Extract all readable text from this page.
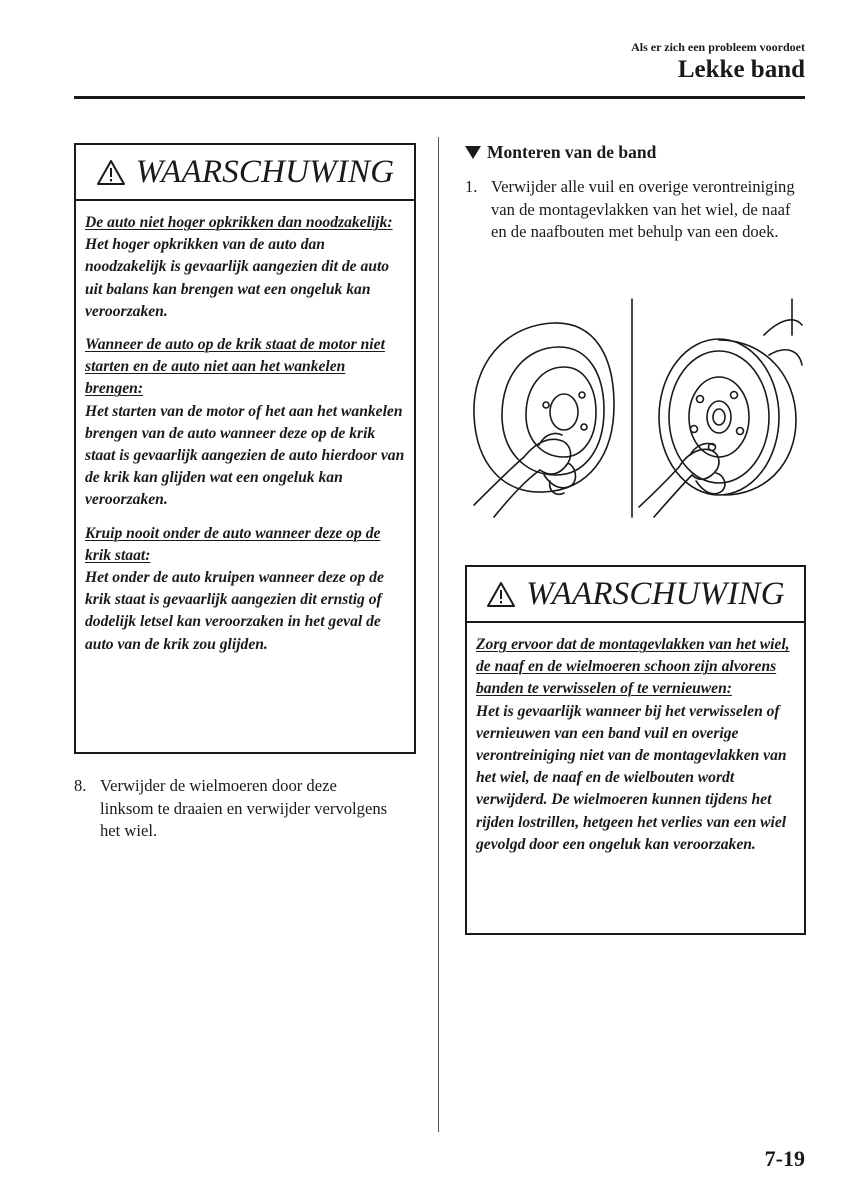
Als er zich een probleem voordoet
Lekke band
WAARSCHUWING
De auto niet hoger opkrikken dan noodzakelijk:
Het hoger opkrikken van de auto dan noodzakelijk is gevaarlijk aangezien dit de auto uit balans kan brengen wat een ongeluk kan veroorzaken.
Wanneer de auto op de krik staat de motor niet starten en de auto niet aan het wankelen brengen:
Het starten van de motor of het aan het wankelen brengen van de auto wanneer deze op de krik staat is gevaarlijk aangezien de auto hierdoor van de krik kan glijden wat een ongeluk kan veroorzaken.
Kruip nooit onder de auto wanneer deze op de krik staat:
Het onder de auto kruipen wanneer deze op de krik staat is gevaarlijk aangezien dit ernstig of dodelijk letsel kan veroorzaken in het geval de auto van de krik zou glijden.
8. Verwijder de wielmoeren door deze linksom te draaien en verwijder vervolgens het wiel.
Monteren van de band
1. Verwijder alle vuil en overige verontreiniging van de montagevlakken van het wiel, de naaf en de naafbouten met behulp van een doek.
WAARSCHUWING
Zorg ervoor dat de montagevlakken van het wiel, de naaf en de wielmoeren schoon zijn alvorens banden te verwisselen of te vernieuwen:
Het is gevaarlijk wanneer bij het verwisselen of vernieuwen van een band vuil en overige verontreiniging niet van de montagevlakken van het wiel, de naaf en de wielbouten wordt verwijderd. De wielmoeren kunnen tijdens het rijden lostrillen, hetgeen het verlies van een wiel gevolgd door een ongeluk kan veroorzaken.
7-19
